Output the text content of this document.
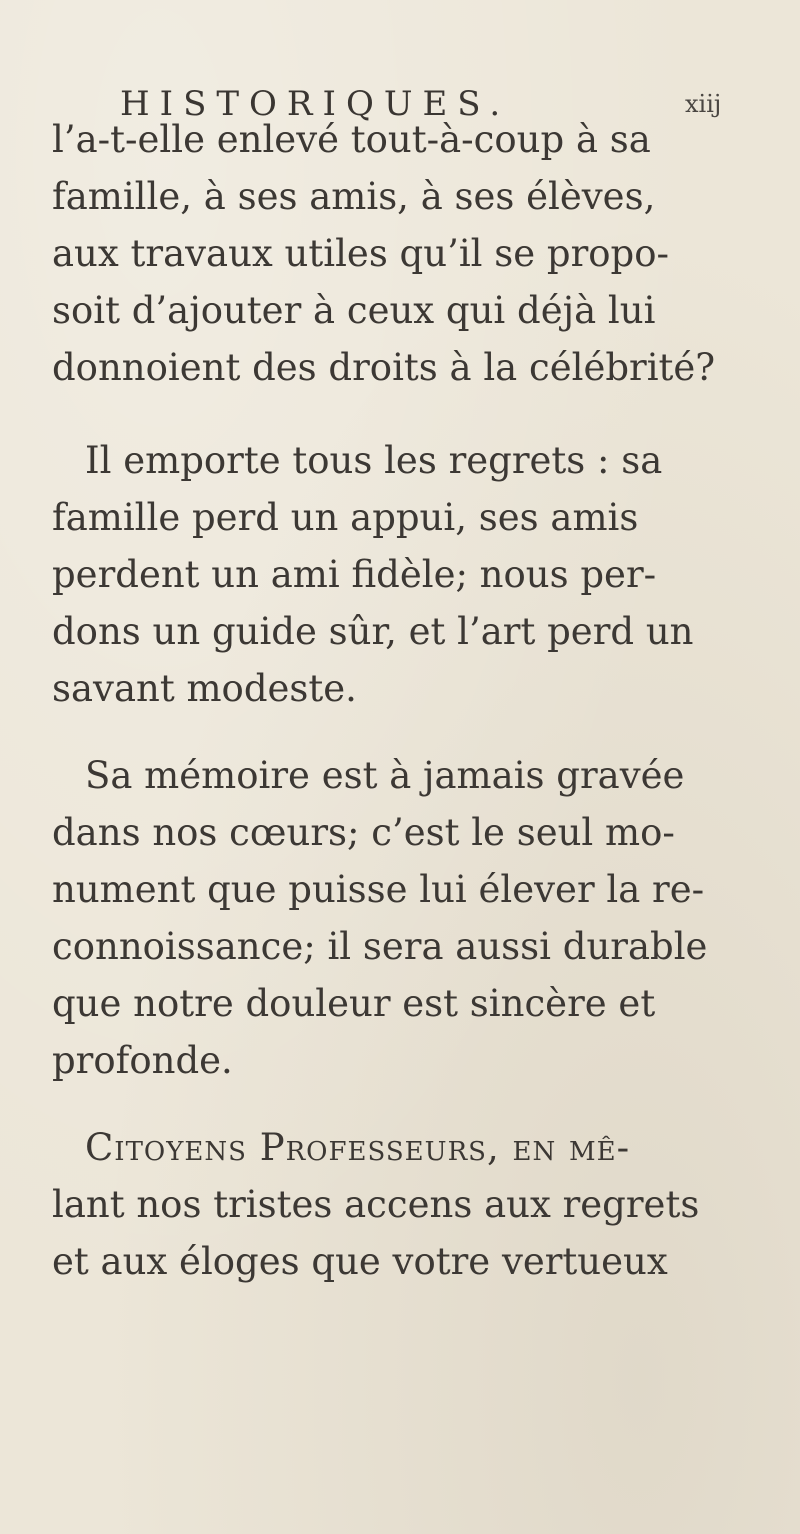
HISTORIQUES.	xiij
l’a-t-elle enlevé tout-à-coup à sa
famille, à ses amis, à ses élèves,
aux travaux utiles qu’il se propo-
soit d’ajouter à ceux qui déjà lui
donnoient des droits à la célébrité?
Il emporte tous les regrets : sa
famille perd un appui, ses amis
perdent un ami fidèle; nous per-
dons un guide sûr, et l’art perd un
savant modeste.
Sa mémoire est à jamais gravée
dans nos cœurs; c’est le seul mo-
nument que puisse lui élever la re-
connoissance; il sera aussi durable
que notre douleur est sincère et
profonde.
Citoyens Professeurs, en mê-
lant nos tristes accens aux regrets
et aux éloges que votre vertueux
